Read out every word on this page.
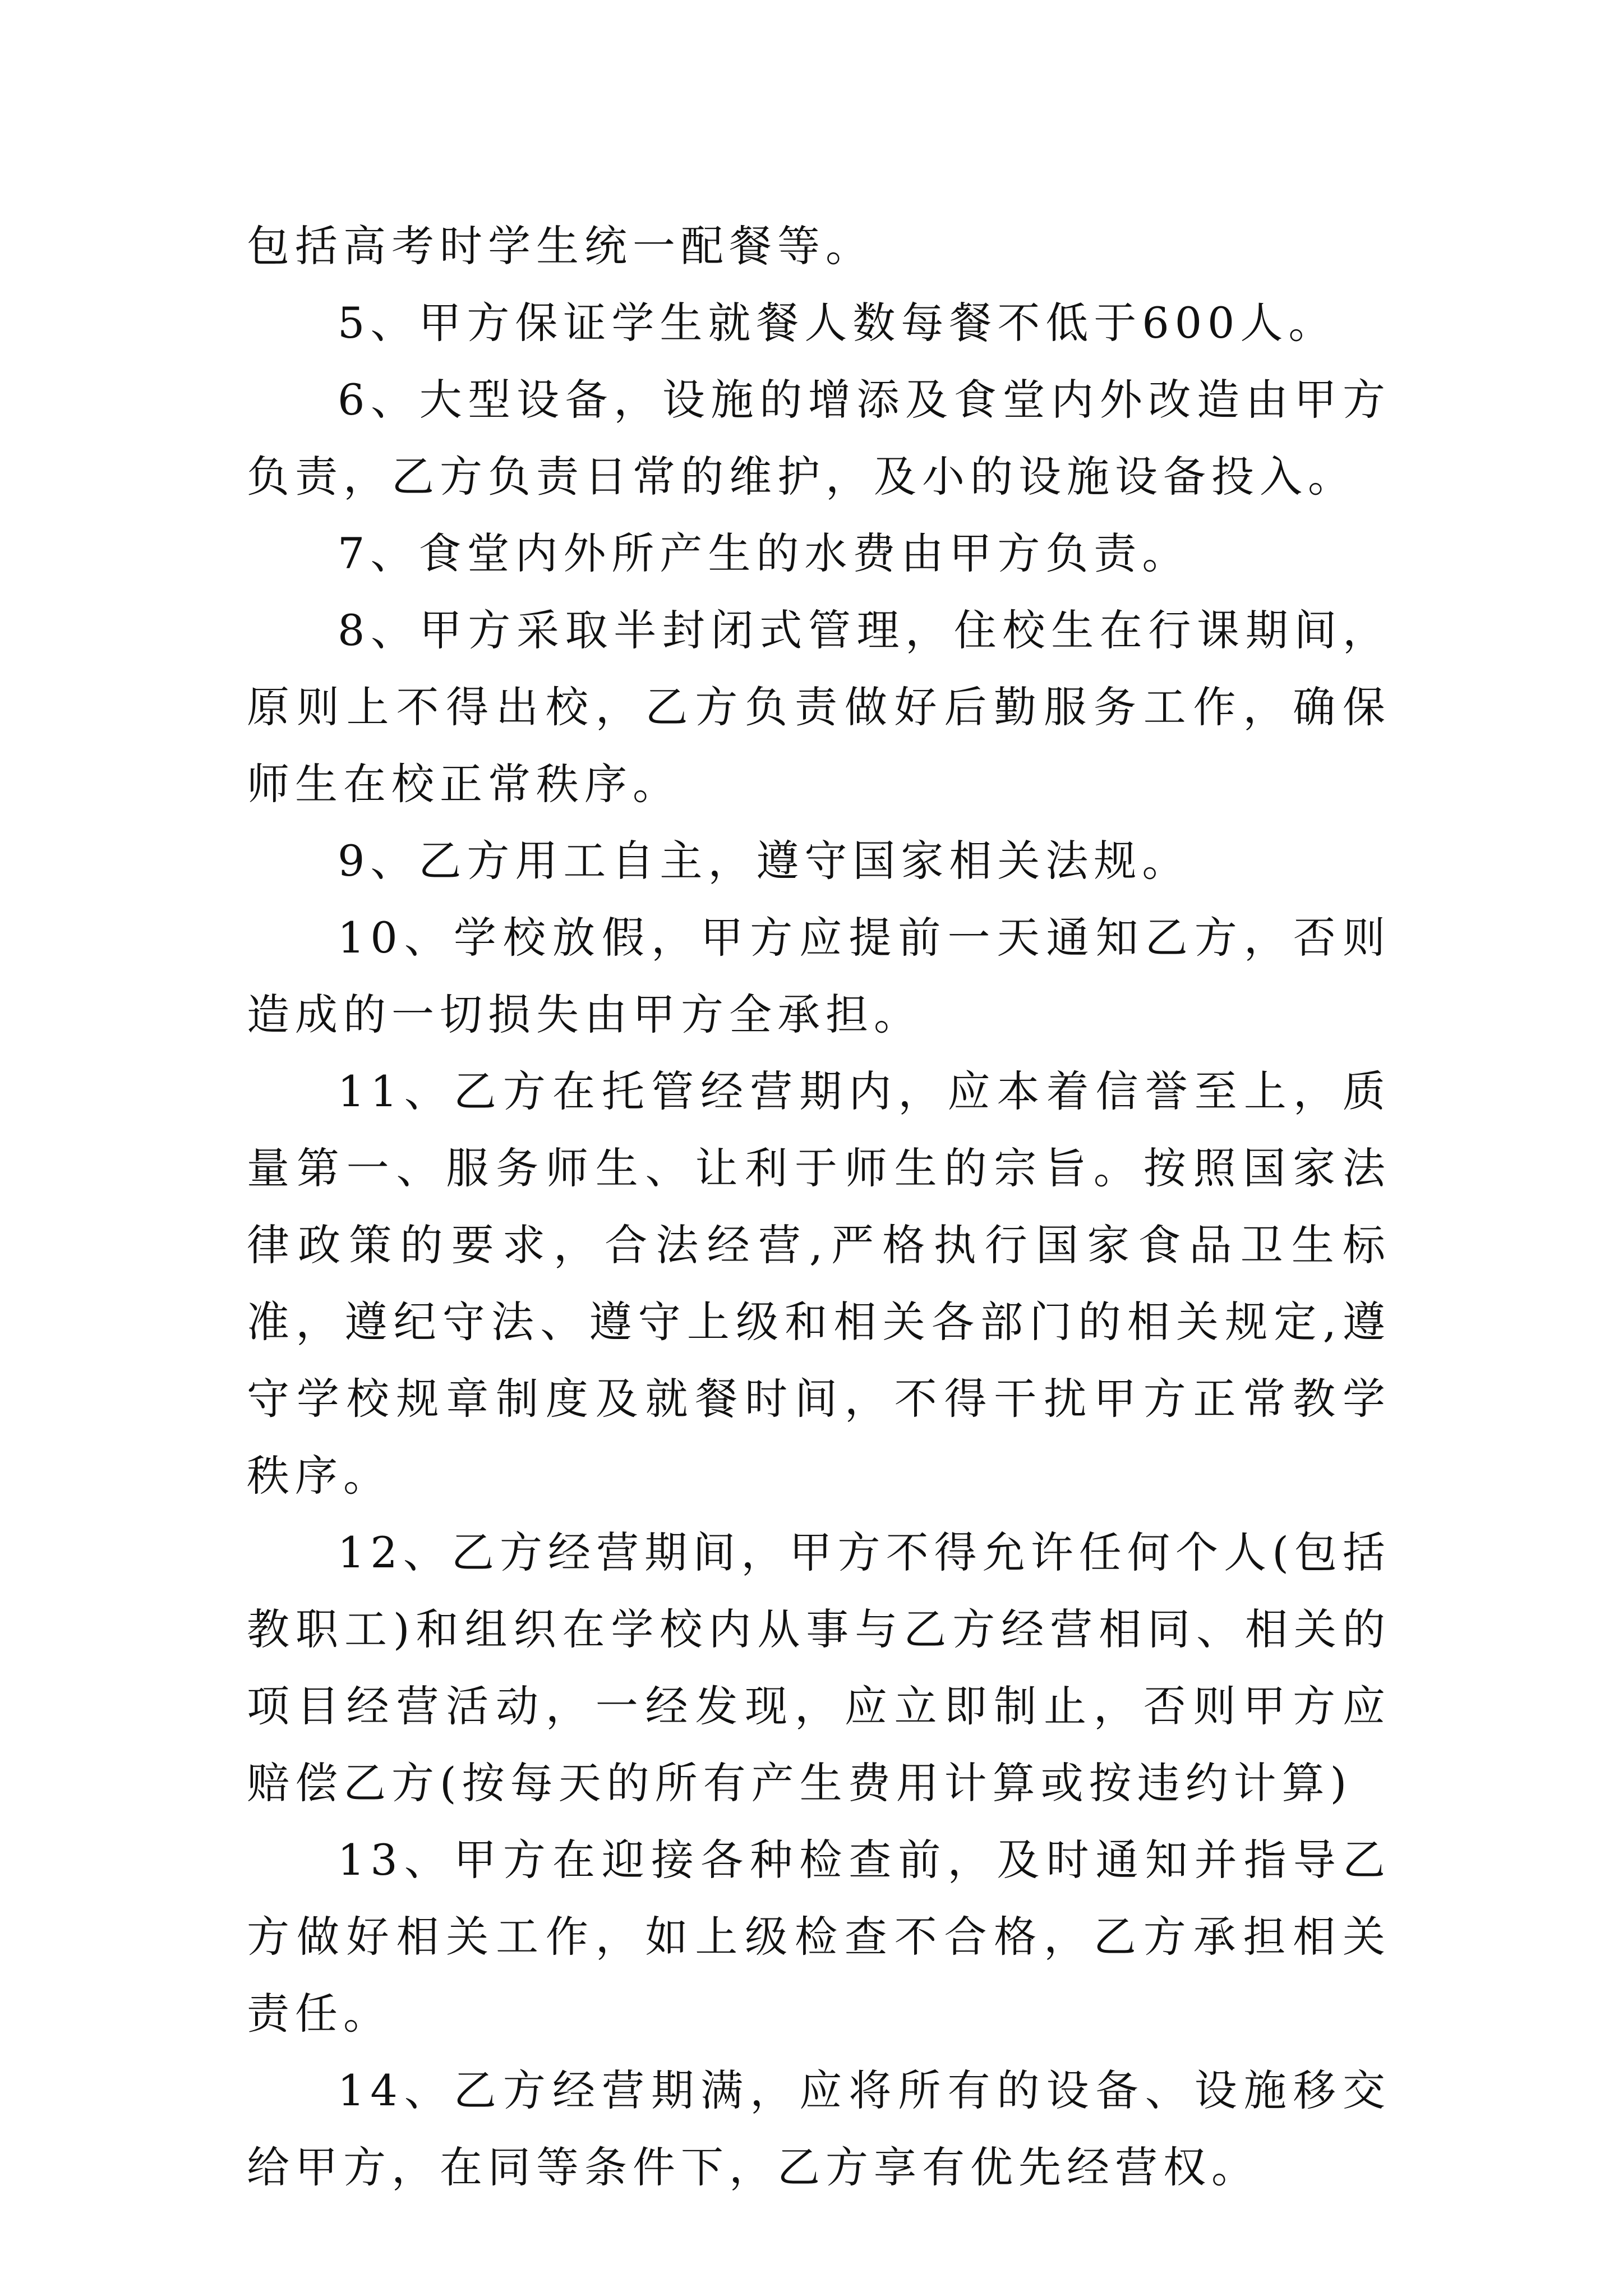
包括高考时学生统一配餐等。

5、甲方保证学生就餐人数每餐不低于600人。

6、大型设备，设施的增添及食堂内外改造由甲方负责，乙方负责日常的维护，及小的设施设备投入。

7、食堂内外所产生的水费由甲方负责。

8、甲方采取半封闭式管理，住校生在行课期间，原则上不得出校，乙方负责做好后勤服务工作，确保师生在校正常秩序。

9、乙方用工自主，遵守国家相关法规。

10、学校放假，甲方应提前一天通知乙方，否则造成的一切损失由甲方全承担。

11、乙方在托管经营期内，应本着信誉至上，质量第一、服务师生、让利于师生的宗旨。按照国家法律政策的要求，合法经营,严格执行国家食品卫生标准，遵纪守法、遵守上级和相关各部门的相关规定,遵守学校规章制度及就餐时间，不得干扰甲方正常教学秩序。

12、乙方经营期间，甲方不得允许任何个人(包括教职工)和组织在学校内从事与乙方经营相同、相关的项目经营活动，一经发现，应立即制止，否则甲方应赔偿乙方(按每天的所有产生费用计算或按违约计算)

13、甲方在迎接各种检查前，及时通知并指导乙方做好相关工作，如上级检查不合格，乙方承担相关责任。

14、乙方经营期满，应将所有的设备、设施移交给甲方，在同等条件下，乙方享有优先经营权。
